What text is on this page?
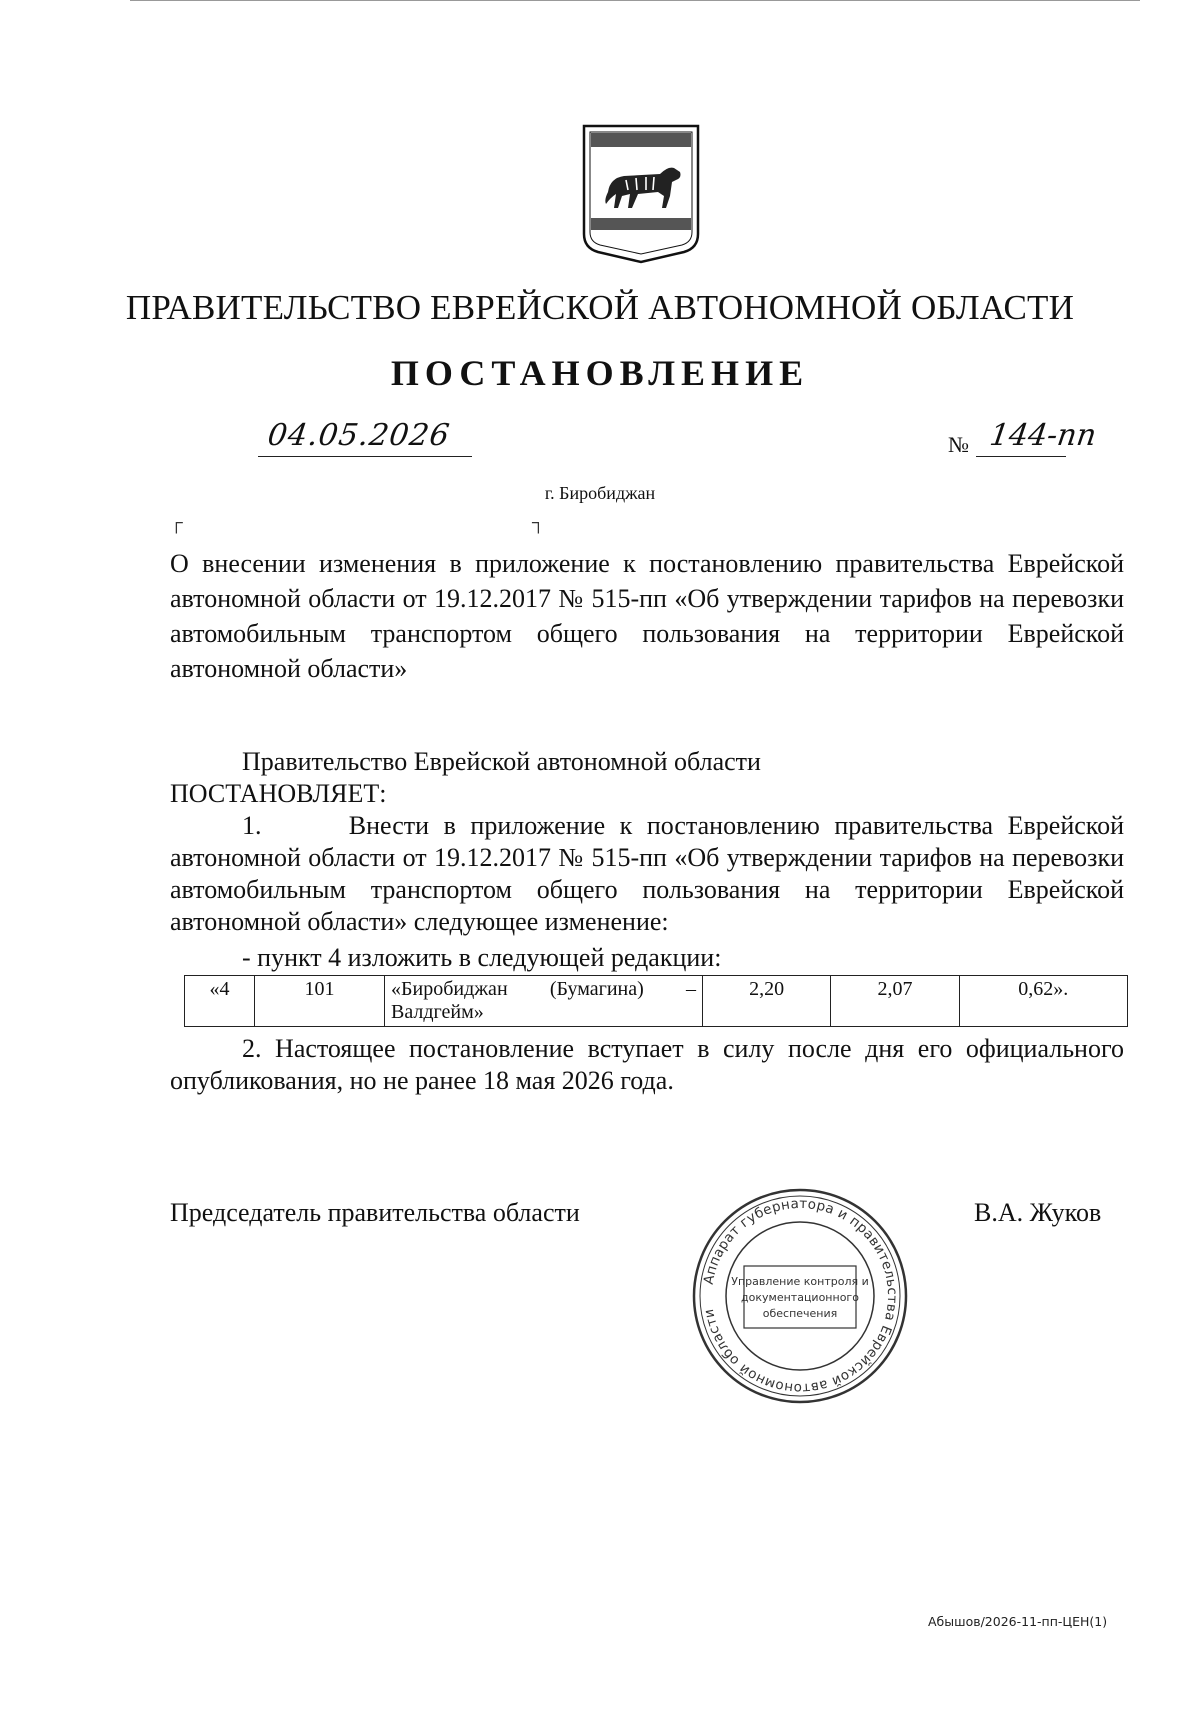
ПРАВИТЕЛЬСТВО ЕВРЕЙСКОЙ АВТОНОМНОЙ ОБЛАСТИ
ПОСТАНОВЛЕНИЕ
04.05.2026	№ 144-пп
г. Биробиджан
┌	┐
О внесении изменения в приложение к постановлению правительства Еврейской автономной области от 19.12.2017 № 515-пп «Об утверждении тарифов на перевозки автомобильным транспортом общего пользования на территории Еврейской автономной области»
Правительство Еврейской автономной области
ПОСТАНОВЛЯЕТ:
1.      Внести в приложение к постановлению правительства Еврейской автономной области от 19.12.2017 № 515-пп «Об утверждении тарифов на перевозки автомобильным транспортом общего пользования на территории Еврейской автономной области» следующее изменение:
- пункт 4 изложить в следующей редакции:
«4	101	«Биробиджан (Бумагина) – Валдгейм»	2,20	2,07	0,62».
2. Настоящее постановление вступает в силу после дня его официального опубликования, но не ранее 18 мая 2026 года.
Председатель правительства области	В.А. Жуков
Аппарат губернатора и правительства Еврейской автономной области
Управление контроля и
документационного
обеспечения
Абышов/2026-11-пп-ЦЕН(1)
